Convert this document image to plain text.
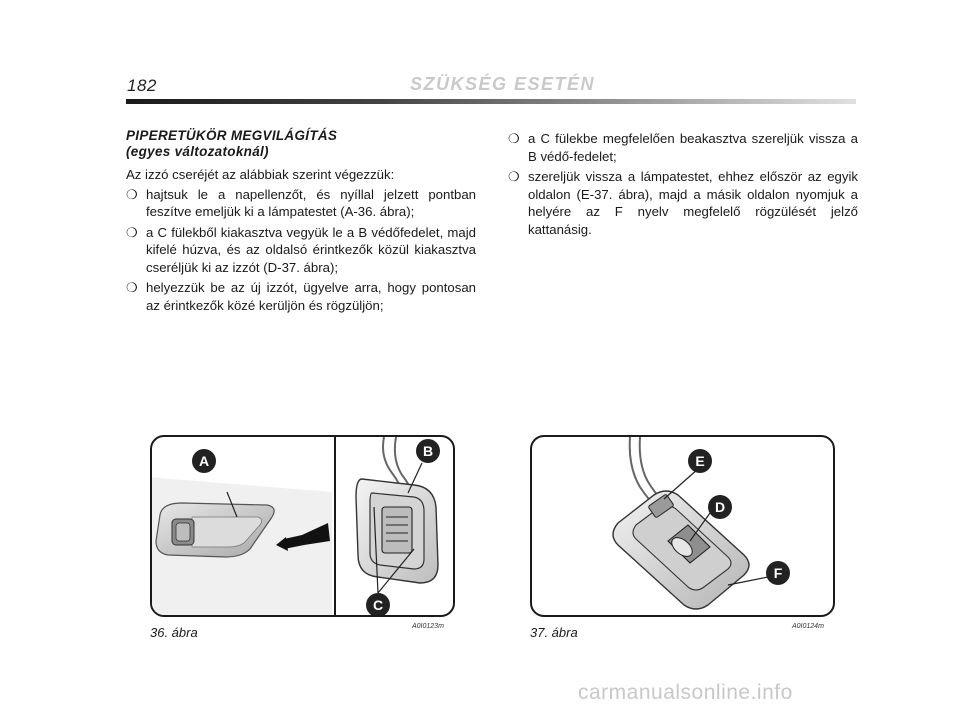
182	SZÜKSÉG ESETÉN
PIPERETÜKÖR MEGVILÁGÍTÁS
(egyes változatoknál)
Az izzó cseréjét az alábbiak szerint végezzük:
❍ hajtsuk le a napellenzőt, és nyíllal jelzett pontban feszítve emeljük ki a lámpatestet (A-36. ábra);
❍ a C fülekből kiakasztva vegyük le a B védőfedelet, majd kifelé húzva, és az oldalsó érintkezők közül kiakasztva cseréljük ki az izzót (D-37. ábra);
❍ helyezzük be az új izzót, ügyelve arra, hogy pontosan az érintkezők közé kerüljön és rögzüljön;
❍ a C fülekbe megfelelően beakasztva szereljük vissza a B védő-fedelet;
❍ szereljük vissza a lámpatestet, ehhez először az egyik oldalon (E-37. ábra), majd a másik oldalon nyomjuk a helyére az F nyelv megfelelő rögzülését jelző kattanásig.
A
B
C
36. ábra	A0I0123m
E
D
F
37. ábra	A0I0124m
carmanualsonline.info
